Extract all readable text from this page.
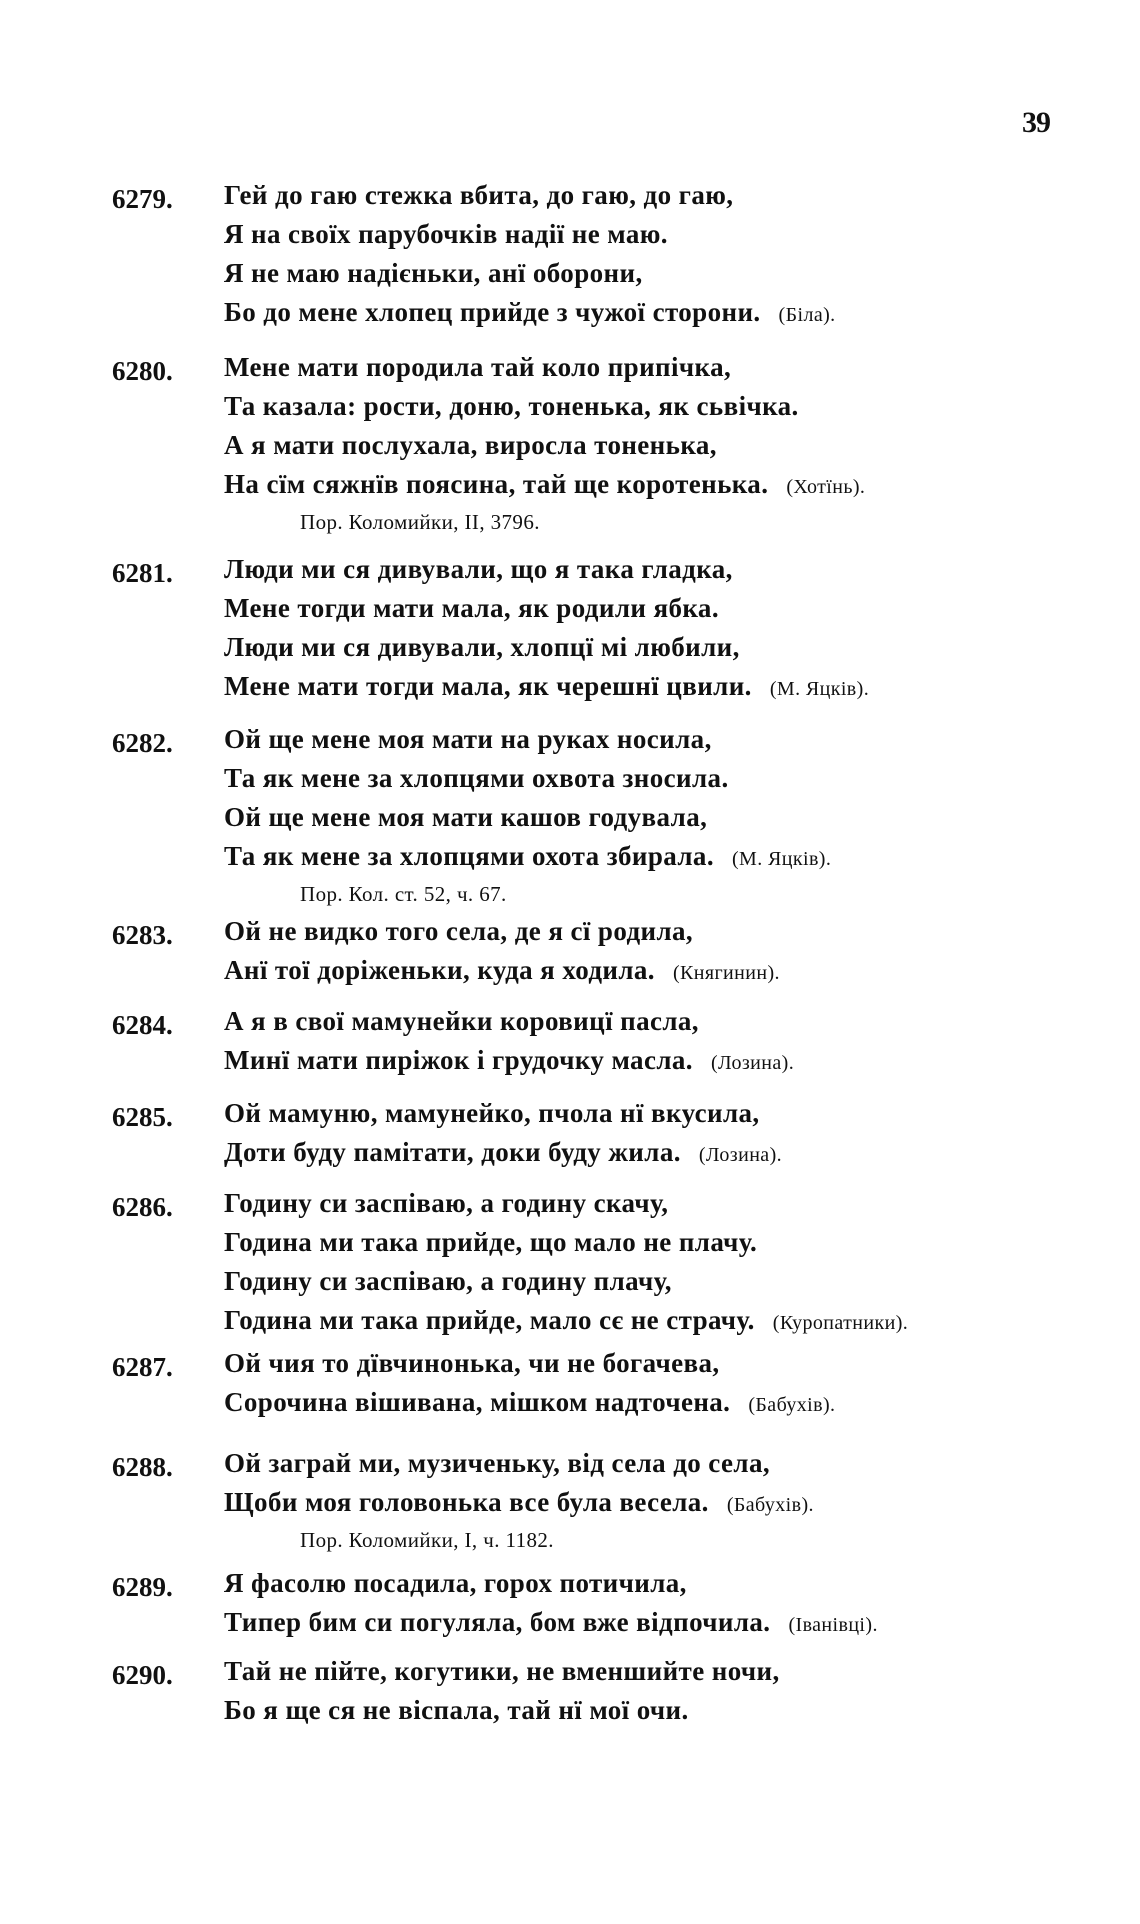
39
6279.	Гей до гаю стежка вбита, до гаю, до гаю,
Я на своїх парубочків надії не маю.
Я не маю надієньки, анї оборони,
Бо до мене хлопец прийде з чужої сторони. (Біла).
6280.	Мене мати породила тай коло припічка,
Та казала: рости, доню, тоненька, як сьвічка.
А я мати послухала, виросла тоненька,
На сїм сяжнїв поясина, тай ще коротенька. (Хотїнь).
Пор. Коломийки, II, 3796.
6281.	Люди ми ся дивували, що я така гладка,
Мене тогди мати мала, як родили ябка.
Люди ми ся дивували, хлопцї мі любили,
Мене мати тогди мала, як черешнї цвили. (М. Яцків).
6282.	Ой ще мене моя мати на руках носила,
Та як мене за хлопцями охвота зносила.
Ой ще мене моя мати кашов годувала,
Та як мене за хлопцями охота збирала. (М. Яцків).
Пор. Кол. ст. 52, ч. 67.
6283.	Ой не видко того села, де я сї родила,
Анї тої доріженьки, куда я ходила. (Княгинин).
6284.	А я в свої мамунейки коровицї пасла,
Минї мати пиріжок і грудочку масла. (Лозина).
6285.	Ой мамуню, мамунейко, пчола нї вкусила,
Доти буду памітати, доки буду жила. (Лозина).
6286.	Годину си заспіваю, а годину скачу,
Година ми така прийде, що мало не плачу.
Годину си заспіваю, а годину плачу,
Година ми така прийде, мало сє не страчу. (Куропатники).
6287.	Ой чия то дївчинонька, чи не богачева,
Сорочина вішивана, мішком надточена. (Бабухів).
6288.	Ой заграй ми, музиченьку, від села до села,
Щоби моя головонька все була весела. (Бабухів).
Пор. Коломийки, I, ч. 1182.
6289.	Я фасолю посадила, горох потичила,
Типер бим си погуляла, бом вже відпочила. (Іванівці).
6290.	Тай не пійте, когутики, не вменшийте ночи,
Бо я ще ся не віспала, тай нї мої очи.
